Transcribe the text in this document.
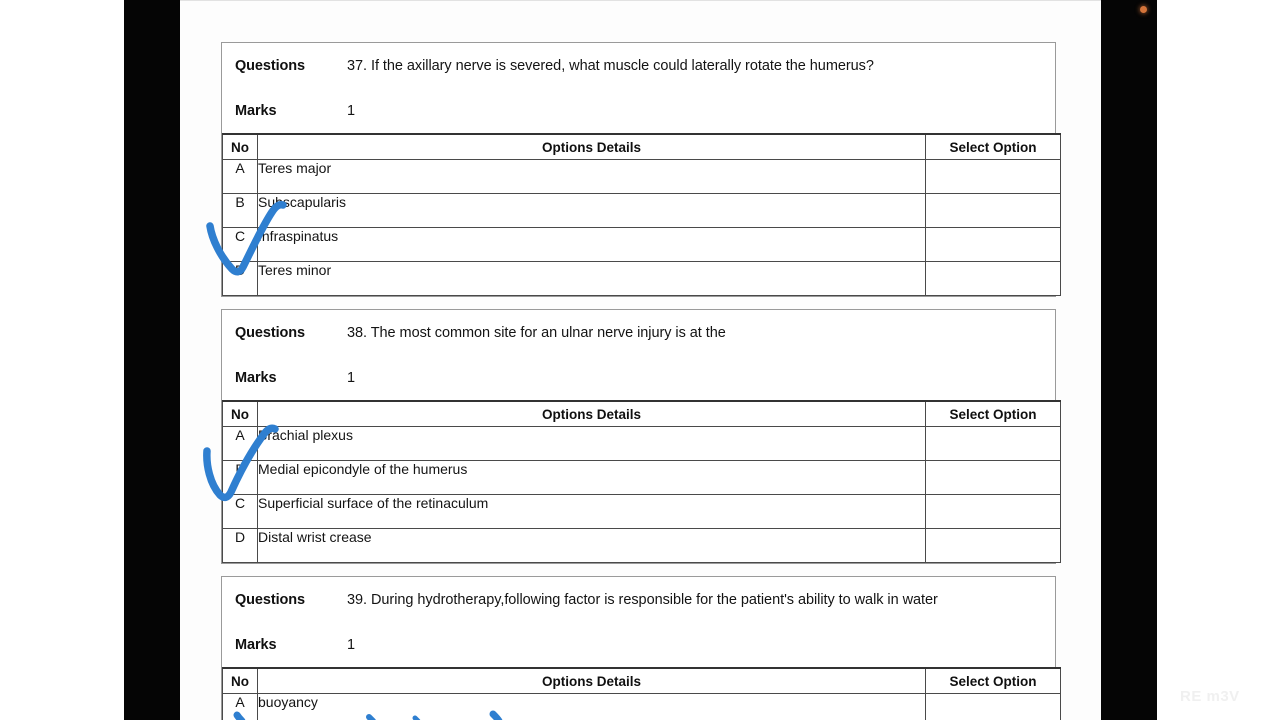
Questions	37. If the axillary nerve is severed, what muscle could laterally rotate the humerus?
Marks	1
No	Options Details	Select Option
A	Teres major	
B	Subscapularis	
C	Infraspinatus	
D	Teres minor	
Questions	38. The most common site for an ulnar nerve injury is at the
Marks	1
No	Options Details	Select Option
A	Brachial plexus	
B	Medial epicondyle of the humerus	
C	Superficial surface of the retinaculum	
D	Distal wrist crease	
Questions	39. During hydrotherapy,following factor is responsible for the patient's ability to walk in water
Marks	1
No	Options Details	Select Option
A	buoyancy		RE m3V
